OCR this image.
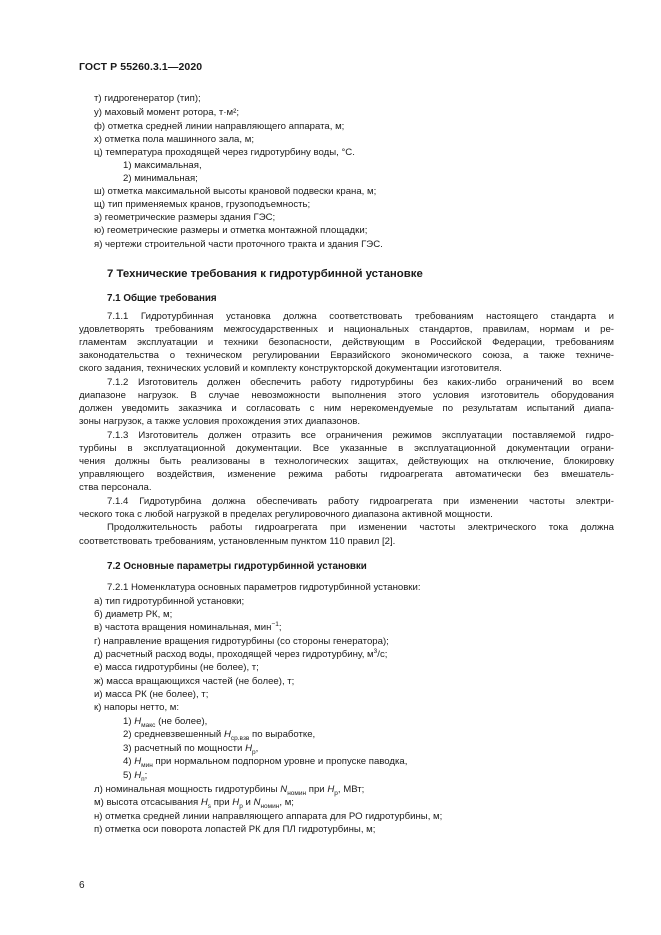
ГОСТ Р 55260.3.1—2020
т) гидрогенератор (тип);
у) маховый момент ротора, т·м²;
ф) отметка средней линии направляющего аппарата, м;
х) отметка пола машинного зала, м;
ц) температура проходящей через гидротурбину воды, °С.
1) максимальная,
2) минимальная;
ш) отметка максимальной высоты крановой подвески крана, м;
щ) тип применяемых кранов, грузоподъемность;
э) геометрические размеры здания ГЭС;
ю) геометрические размеры и отметка монтажной площадки;
я) чертежи строительной части проточного тракта и здания ГЭС.
7 Технические требования к гидротурбинной установке
7.1 Общие требования
7.1.1 Гидротурбинная установка должна соответствовать требованиям настоящего стандарта и
удовлетворять требованиям межгосударственных и национальных стандартов, правилам, нормам и ре-
гламентам эксплуатации и техники безопасности, действующим в Российской Федерации, требованиям
законодательства о техническом регулировании Евразийского экономического союза, а также техниче-
ского задания, технических условий и комплекту конструкторской документации изготовителя.
7.1.2 Изготовитель должен обеспечить работу гидротурбины без каких-либо ограничений во всем
диапазоне нагрузок. В случае невозможности выполнения этого условия изготовитель оборудования
должен уведомить заказчика и согласовать с ним нерекомендуемые по результатам испытаний диапа-
зоны нагрузок, а также условия прохождения этих диапазонов.
7.1.3 Изготовитель должен отразить все ограничения режимов эксплуатации поставляемой гидро-
турбины в эксплуатационной документации. Все указанные в эксплуатационной документации ограни-
чения должны быть реализованы в технологических защитах, действующих на отключение, блокировку
управляющего воздействия, изменение режима работы гидроагрегата автоматически без вмешатель-
ства персонала.
7.1.4 Гидротурбина должна обеспечивать работу гидроагрегата при изменении частоты электри-
ческого тока с любой нагрузкой в пределах регулировочного диапазона активной мощности.
Продолжительность работы гидроагрегата при изменении частоты электрического тока должна
соответствовать требованиям, установленным пунктом 110 правил [2].
7.2 Основные параметры гидротурбинной установки
7.2.1 Номенклатура основных параметров гидротурбинной установки:
а) тип гидротурбинной установки;
б) диаметр РК, м;
в) частота вращения номинальная, мин$^{-1}$;
г) направление вращения гидротурбины (со стороны генератора);
д) расчетный расход воды, проходящей через гидротурбину, $м^3/с$;
е) масса гидротурбины (не более), т;
ж) масса вращающихся частей (не более), т;
и) масса РК (не более), т;
к) напоры нетто, м:
1) $H_{макс}$ (не более),
2) средневзвешенный $H_{ср.взв}$ по выработке,
3) расчетный по мощности $H_р$,
4) $H_{мин}$ при нормальном подпорном уровне и пропуске паводка,
5) $H_п$;
л) номинальная мощность гидротурбины $N_{номин}$ при $H_р$, МВт;
м) высота отсасывания $H_s$ при $H_р$ и $N_{номин}$, м;
н) отметка средней линии направляющего аппарата для РО гидротурбины, м;
п) отметка оси поворота лопастей РК для ПЛ гидротурбины, м;
6
